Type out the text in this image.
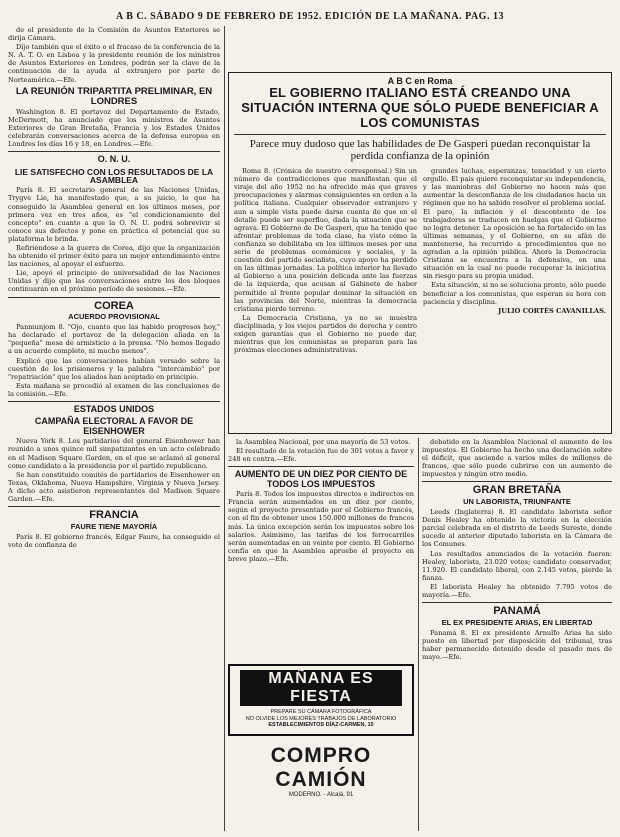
A B C. SÁBADO 9 DE FEBRERO DE 1952. EDICIÓN DE LA MAÑANA. PAG. 13

de el presidente de la Comisión de Asuntos Exteriores se dirija Cámara.

Dijo también que el éxito o el fracaso de la conferencia de la N. A. T. O. en Lisboa y la presidente reunión de los ministros de Asuntos Exteriores en Londres, podrán ser la clave de la continuación de la ayuda al extranjero por parte de Norteamérica.—Efe.

LA REUNIÓN TRIPARTITA PRELIMINAR, EN LONDRES

Washington 8. El portavoz del Departamento de Estado, McDermott, ha anunciado que los ministros de Asuntos Exteriores de Gran Bretaña, Francia y los Estados Unidos celebrarán conversaciones acerca de la defensa europea en Londres los días 16 y 18, en Londres.—Efe.

O. N. U.
LIE SATISFECHO CON LOS RESULTADOS DE LA ASAMBLEA

París 8. El secretario general de las Naciones Unidas, Trygve Lie, ha manifestado que, a su juicio, lo que ha conseguido la Asamblea general en los últimos meses, por primera vez en tres años, es "el condicionamiento del concepto" en cuanto a que la O. N. U. podrá sobrevivir si conoce sus defectos y pone en práctica el potencial que su plataforma le brinda.

Refiriéndose a la guerra de Corea, dijo que la organización ha obtenido el primer éxito para un mejor entendimiento entre las naciones, al apoyar el esfuerzo.

Lie, apoyó el principio de universalidad de las Naciones Unidas y dijo que las conversaciones entre los dos bloques continuarán en el próximo período de sesiones.—Efe.

COREA
ACUERDO PROVISIONAL

Panmunjom 8. "Ojo, cuanto que las habido progresos hoy," ha declarado el portavoz de la delegación aliada en la "pequeña" mesa de armisticio a la prensa. "No hemos llegado a un acuerdo completo, ni mucho menos".

Explicó que las conversaciones habían versado sobre la cuestión de los prisioneros y la palabra "intercambio" por "repatriación" que los aliados han aceptado en principio.

Esta mañana se procedió al examen de las conclusiones de la comisión.—Efe.

ESTADOS UNIDOS
CAMPAÑA ELECTORAL A FAVOR DE EISENHOWER

Nueva York 8. Los partidarios del general Eisenhower han reunido a unos quince mil simpatizantes en un acto celebrado en el Madison Square Garden, en el que se aclamó al general como candidato a la presidencia por el partido republicano.

Se han constituido comités de partidarios de Eisenhower en Texas, Oklahoma, Nueva Hampshire, Virginia y Nueva Jersey. A dicho acto asistieron representantes del Madison Square Garden.—Efe.

FRANCIA
FAURE TIENE MAYORÍA

París 8. El gobierno francés, Edgar Faure, ha conseguido el voto de confianza de

A B C en Roma
EL GOBIERNO ITALIANO ESTÁ CREANDO UNA SITUACIÓN INTERNA QUE SÓLO PUEDE BENEFICIAR A LOS COMUNISTAS
Parece muy dudoso que las habilidades de De Gasperi puedan reconquistar la perdida confianza de la opinión

Roma 8. (Crónica de nuestro corresponsal.) Sin un número de contradicciones que manifiestan que el viraje del año 1952 no ha ofrecido más que graves preocupaciones y alarmas consiguientes en orden a la política italiana. Cualquier observador extranjero y aun a simple vista puede darse cuenta de que en el detalle puede ser superfluo, dada la situación que se agrava. El Gobierno de De Gasperi, que ha tenido que afrontar problemas de toda clase, ha visto cómo la confianza se debilitaba en los últimos meses por una serie de problemas económicos y sociales, y la cuestión del partido socialista, cuyo apoyo ha perdido en las últimas jornadas. La política interior ha llevado al Gobierno a una posición delicada ante las fuerzas de la izquierda, que acusan al Gabinete de haber permitido al frente popular dominar la situación en las provincias del Norte, mientras la democracia cristiana pierde terreno.

La Democracia Cristiana, ya no se muestra disciplinada, y los viejos partidos de derecha y centro exigen garantías que el Gobierno no puede dar, mientras que los comunistas se preparan para las próximas elecciones administrativas.

grandes luchas, esperanzas, tenacidad y un cierto orgullo. El país quiere reconquistar su independencia, y las maniobras del Gobierno no hacen más que aumentar la desconfianza de los ciudadanos hacia un régimen que no ha sabido resolver el problema social. El paro, la inflación y el descontento de los trabajadores se traducen en huelgas que el Gobierno no logra detener. La oposición se ha fortalecido en las últimas semanas, y el Gobierno, en su afán de mantenerse, ha recurrido a procedimientos que no agradan a la opinión pública. Ahora la Democracia Cristiana se encuentra a la defensiva, en una situación en la cual no puede recuperar la iniciativa sin riesgo para su propia unidad.

Esta situación, si no se soluciona pronto, sólo puede beneficiar a los comunistas, que esperan su hora con paciencia y disciplina.

JULIO CORTÉS CAVANILLAS.

la Asamblea Nacional, por una mayoría de 53 votos.

El resultado de la votación fue de 301 votos a favor y 248 en contra.—Efe.

AUMENTO DE UN DIEZ POR CIENTO DE TODOS LOS IMPUESTOS

París 8. Todos los impuestos directos e indirectos en Francia serán aumentados en un diez por ciento, según el proyecto presentado por el Gobierno francés, con el fin de obtener unos 150.000 millones de francos más. La única excepción serán los impuestos sobre los salarios. Asimismo, las tarifas de los ferrocarriles serán aumentadas en un veinte por ciento. El Gobierno confía en que la Asamblea apruebe el proyecto en breve plazo.—Efe.

MAÑANA ES FIESTA
PREPARE SU CÁMARA FOTOGRÁFICA
NO OLVIDE LOS MEJORES TRABAJOS DE LABORATORIO
ESTABLECIMIENTOS DÍAZ-CARMEN, 15
COMPRO CAMIÓN
MODERNO. - Alcalá, 91

debatido en la Asamblea Nacional el aumento de los impuestos. El Gobierno ha hecho una declaración sobre el déficit, que asciende a varios miles de millones de francos, que sólo puede cubrirse con un aumento de impuestos y ningún otro medio.

GRAN BRETAÑA
UN LABORISTA, TRIUNFANTE

Leeds (Inglaterra) 8. El candidato laborista señor Denis Healey ha obtenido la victoria en la elección parcial celebrada en el distrito de Leeds Sureste, donde sucede al anterior diputado laborista en la Cámara de los Comunes.

Los resultados anunciados de la votación fueron: Healey, laborista, 23.020 votos; candidato conservador, 11.920. El candidato liberal, con 2.145 votos, pierde la fianza.

El laborista Healey ha obtenido 7.795 votos de mayoría.—Efe.

PANAMÁ
EL EX PRESIDENTE ARIAS, EN LIBERTAD

Panamá 8. El ex presidente Arnulfo Arias ha sido puesto en libertad por disposición del tribunal, tras haber permanecido detenido desde el pasado mes de mayo.—Efe.
